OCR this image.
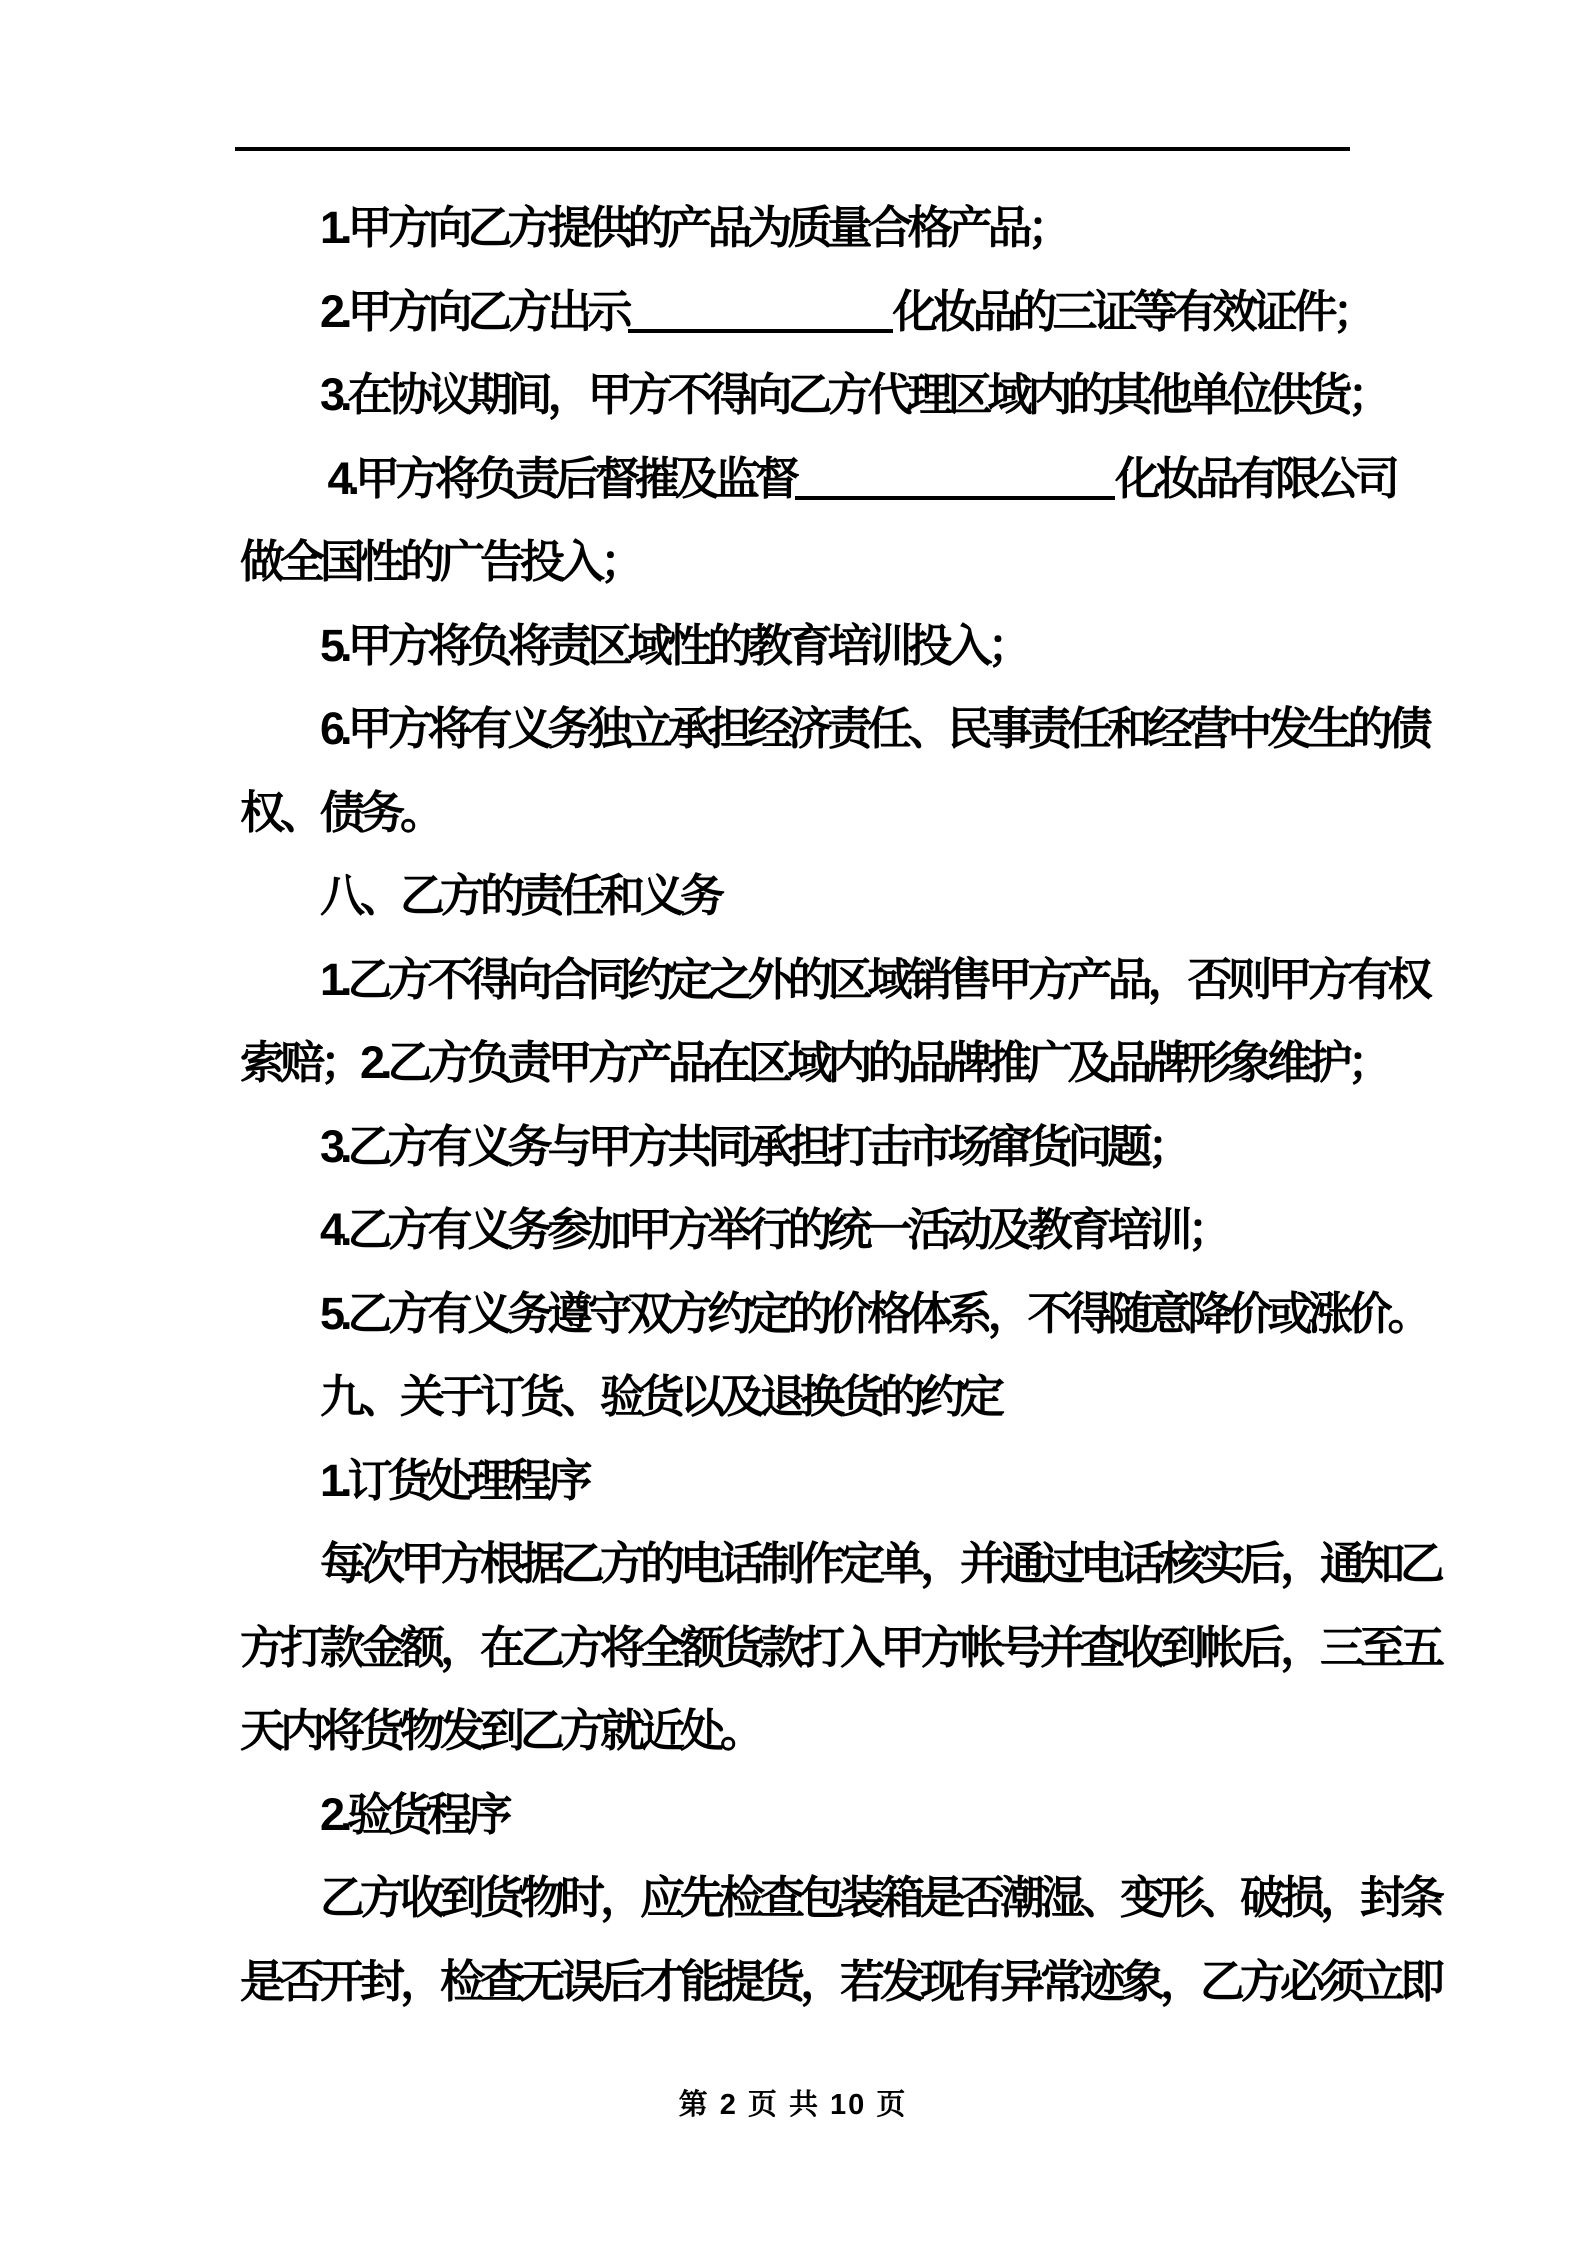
1.甲方向乙方提供的产品为质量合格产品；
2.甲方向乙方出示	化妆品的三证等有效证件；
3.在协议期间，甲方不得向乙方代理区域内的其他单位供货；
4.甲方将负责后督摧及监督	化妆品有限公司
做全国性的广告投入；
5.甲方将负将责区域性的教育培训投入；
6.甲方将有义务独立承担经济责任、民事责任和经营中发生的债
权、债务。
八、乙方的责任和义务
1.乙方不得向合同约定之外的区域销售甲方产品，否则甲方有权
索赔；2.乙方负责甲方产品在区域内的品牌推广及品牌形象维护；
3.乙方有义务与甲方共同承担打击市场窜货问题；
4.乙方有义务参加甲方举行的统一活动及教育培训；
5.乙方有义务遵守双方约定的价格体系，不得随意降价或涨价。
九、关于订货、验货以及退换货的约定
1.订货处理程序
每次甲方根据乙方的电话制作定单，并通过电话核实后，通知乙
方打款金额，在乙方将全额货款打入甲方帐号并查收到帐后，三至五
天内将货物发到乙方就近处。
2.验货程序
乙方收到货物时，应先检查包装箱是否潮湿、变形、破损，封条
是否开封，检查无误后才能提货，若发现有异常迹象，乙方必须立即
第 2 页 共 10 页
